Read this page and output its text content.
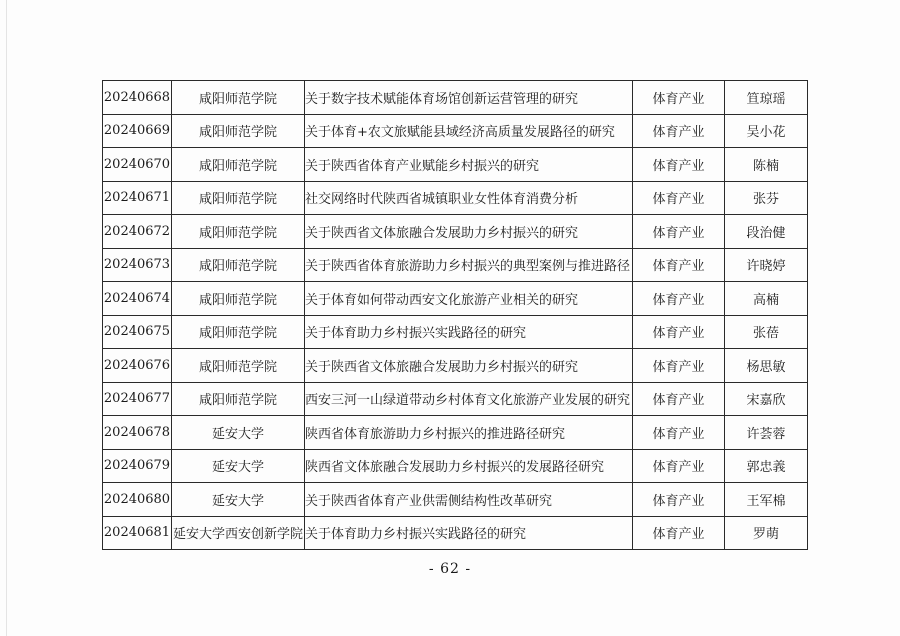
20240668	咸阳师范学院	关于数字技术赋能体育场馆创新运营管理的研究	体育产业	笪琼瑶
20240669	咸阳师范学院	关于体育+农文旅赋能县域经济高质量发展路径的研究	体育产业	吴小花
20240670	咸阳师范学院	关于陕西省体育产业赋能乡村振兴的研究	体育产业	陈楠
20240671	咸阳师范学院	社交网络时代陕西省城镇职业女性体育消费分析	体育产业	张芬
20240672	咸阳师范学院	关于陕西省文体旅融合发展助力乡村振兴的研究	体育产业	段治健
20240673	咸阳师范学院	关于陕西省体育旅游助力乡村振兴的典型案例与推进路径	体育产业	许晓婷
20240674	咸阳师范学院	关于体育如何带动西安文化旅游产业相关的研究	体育产业	高楠
20240675	咸阳师范学院	关于体育助力乡村振兴实践路径的研究	体育产业	张蓓
20240676	咸阳师范学院	关于陕西省文体旅融合发展助力乡村振兴的研究	体育产业	杨思敏
20240677	咸阳师范学院	西安三河一山绿道带动乡村体育文化旅游产业发展的研究	体育产业	宋嘉欣
20240678	延安大学	陕西省体育旅游助力乡村振兴的推进路径研究	体育产业	许荟蓉
20240679	延安大学	陕西省文体旅融合发展助力乡村振兴的发展路径研究	体育产业	郭忠義
20240680	延安大学	关于陕西省体育产业供需侧结构性改革研究	体育产业	王军棉
20240681	延安大学西安创新学院	关于体育助力乡村振兴实践路径的研究	体育产业	罗萌
- 62 -
